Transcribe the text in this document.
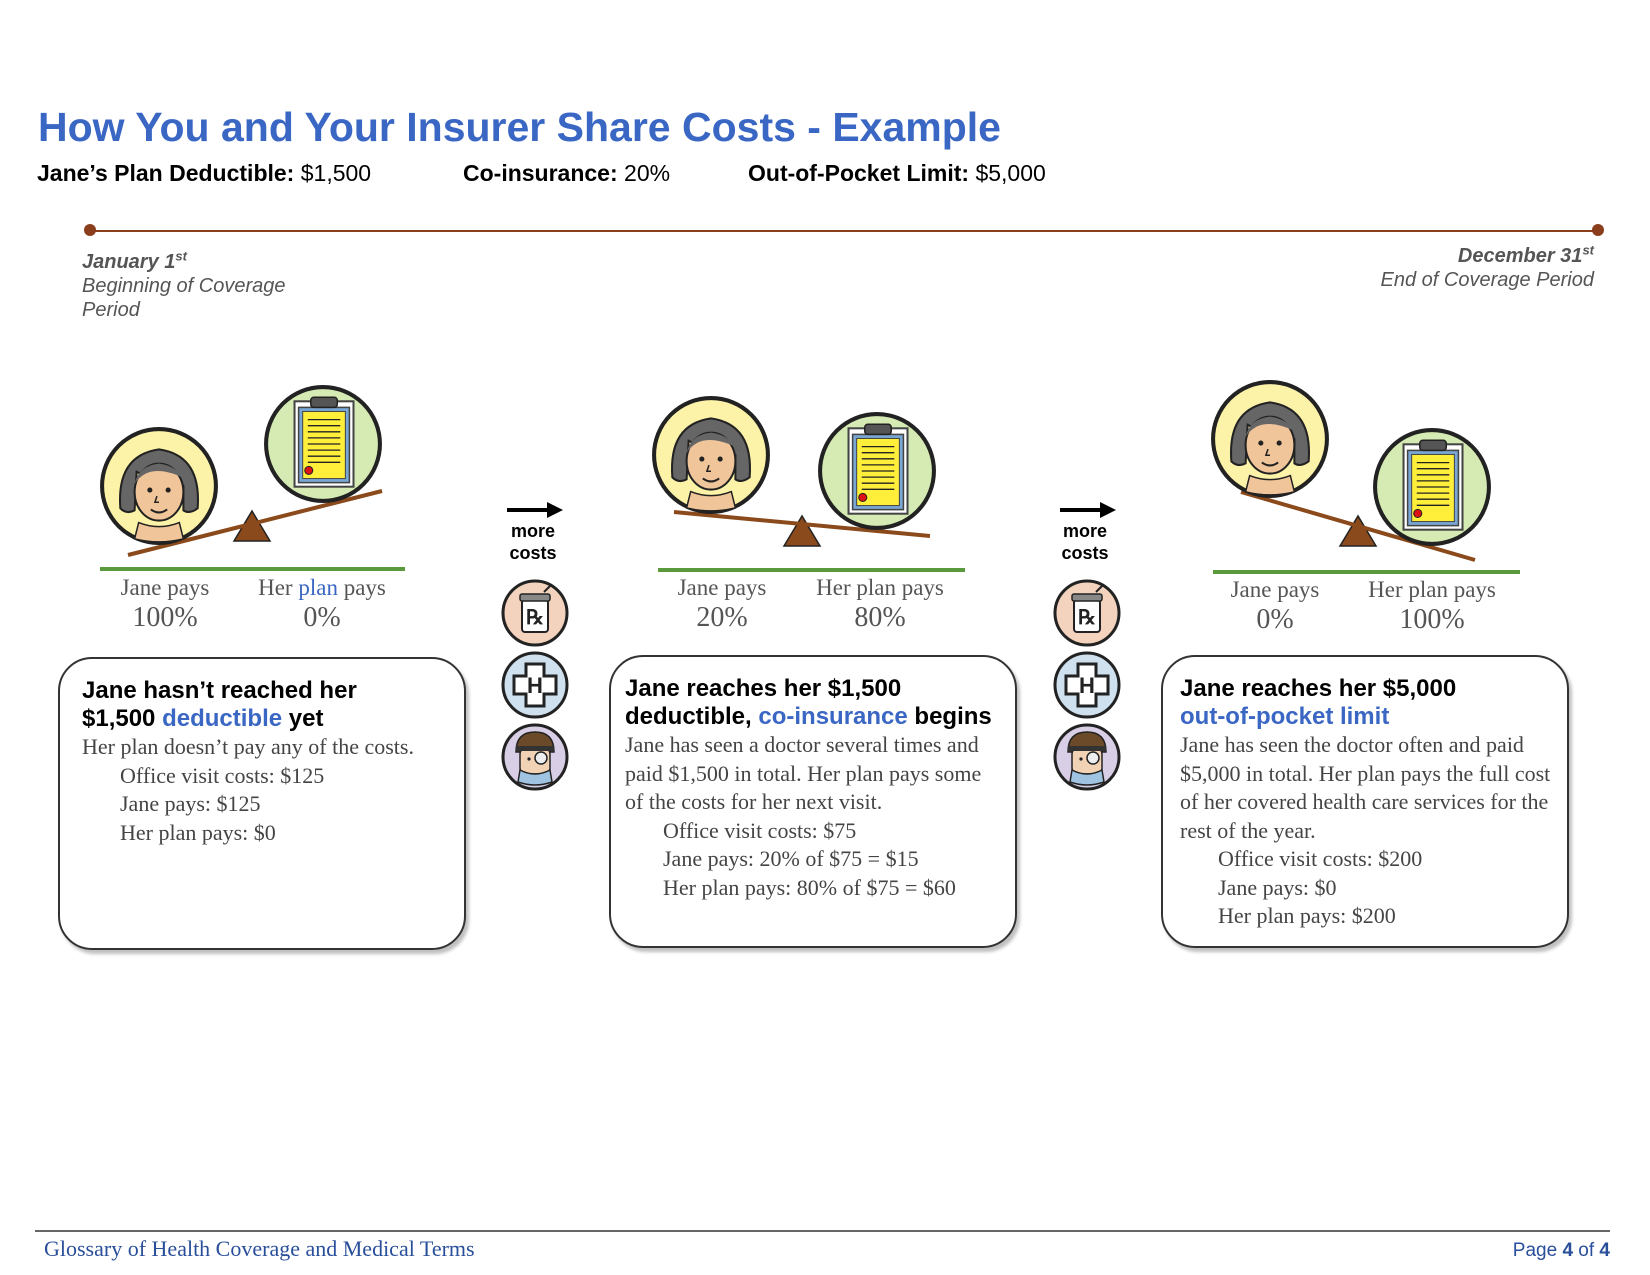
How You and Your Insurer Share Costs - Example
Jane’s Plan Deductible: $1,500	Co-insurance: 20%	Out-of-Pocket Limit: $5,000
January 1st
Beginning of Coverage
Period
December 31st
End of Coverage Period
Jane pays
100%
Her plan pays
0%
Jane pays
20%
Her plan pays
80%
Jane pays
0%
Her plan pays
100%
more
costs
more
costs
Jane hasn’t reached her
$1,500 deductible yet
Her plan doesn’t pay any of the costs.
Office visit costs: $125
Jane pays: $125
Her plan pays: $0
Jane reaches her $1,500
deductible, co-insurance begins
Jane has seen a doctor several times and paid $1,500 in total. Her plan pays some of the costs for her next visit.
Office visit costs: $75
Jane pays: 20% of $75 = $15
Her plan pays: 80% of $75 = $60
Jane reaches her $5,000
out-of-pocket limit
Jane has seen the doctor often and paid $5,000 in total. Her plan pays the full cost of her covered health care services for the rest of the year.
Office visit costs: $200
Jane pays: $0
Her plan pays: $200
Glossary of Health Coverage and Medical Terms	Page 4 of 4
